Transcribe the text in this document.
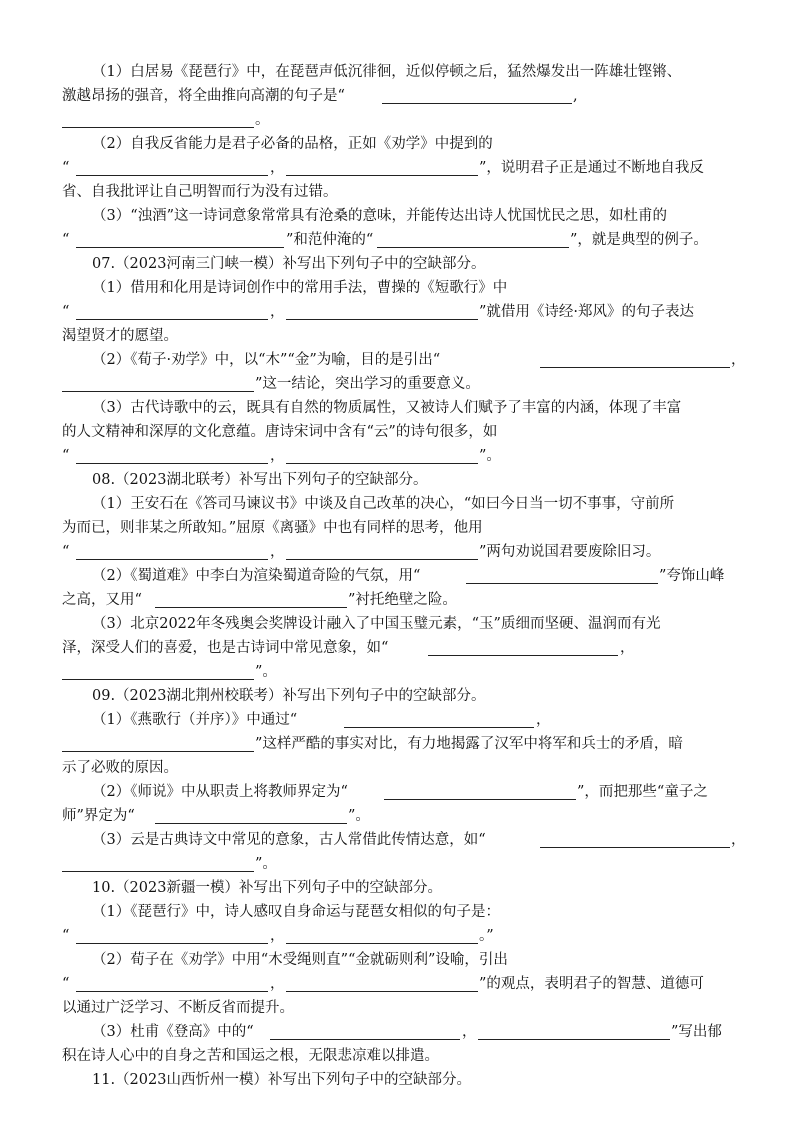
（1）白居易《琵琶行》中，在琵琶声低沉徘徊，近似停顿之后，猛然爆发出一阵雄壮铿锵、
激越昂扬的强音，将全曲推向高潮的句子是“	,
。
（2）自我反省能力是君子必备的品格，正如《劝学》中提到的
“	，	”，说明君子正是通过不断地自我反
省、自我批评让自己明智而行为没有过错。
（3）“浊酒”这一诗词意象常常具有沧桑的意味，并能传达出诗人忧国忧民之思，如杜甫的
“	”和范仲淹的“	”，就是典型的例子。
07.（2023河南三门峡一模）补写出下列句子中的空缺部分。
（1）借用和化用是诗词创作中的常用手法，曹操的《短歌行》中
“	，	”就借用《诗经·郑风》的句子表达
渴望贤才的愿望。
（2）《荀子·劝学》中，以“木”“金”为喻，目的是引出“	，
”这一结论，突出学习的重要意义。
（3）古代诗歌中的云，既具有自然的物质属性，又被诗人们赋予了丰富的内涵，体现了丰富
的人文精神和深厚的文化意蕴。唐诗宋词中含有“云”的诗句很多，如
“	，	”。
08.（2023湖北联考）补写出下列句子的空缺部分。
（1）王安石在《答司马谏议书》中谈及自己改革的决心，“如曰今日当一切不事事，守前所
为而已，则非某之所敢知。”屈原《离骚》中也有同样的思考，他用
“	，	”两句劝说国君要废除旧习。
（2）《蜀道难》中李白为渲染蜀道奇险的气氛，用“	”夸饰山峰
之高，又用“	”衬托绝壁之险。
（3）北京2022年冬残奥会奖牌设计融入了中国玉璧元素，“玉”质细而坚硬、温润而有光
泽，深受人们的喜爱，也是古诗词中常见意象，如“	，
”。
09.（2023湖北荆州校联考）补写出下列句子中的空缺部分。
（1）《燕歌行（并序）》中通过“	，
”这样严酷的事实对比，有力地揭露了汉军中将军和兵士的矛盾，暗
示了必败的原因。
（2）《师说》中从职责上将教师界定为“	”，而把那些“童子之
师”界定为“	”。
（3）云是古典诗文中常见的意象，古人常借此传情达意，如“	，
”。
10.（2023新疆一模）补写出下列句子中的空缺部分。
（1）《琵琶行》中，诗人感叹自身命运与琵琶女相似的句子是：
“	，	。”
（2）荀子在《劝学》中用“木受绳则直”“金就砺则利”设喻，引出
“	，	”的观点，表明君子的智慧、道德可
以通过广泛学习、不断反省而提升。
（3）杜甫《登高》中的“	，	”写出郁
积在诗人心中的自身之苦和国运之根，无限悲凉难以排遣。
11.（2023山西忻州一模）补写出下列句子中的空缺部分。
